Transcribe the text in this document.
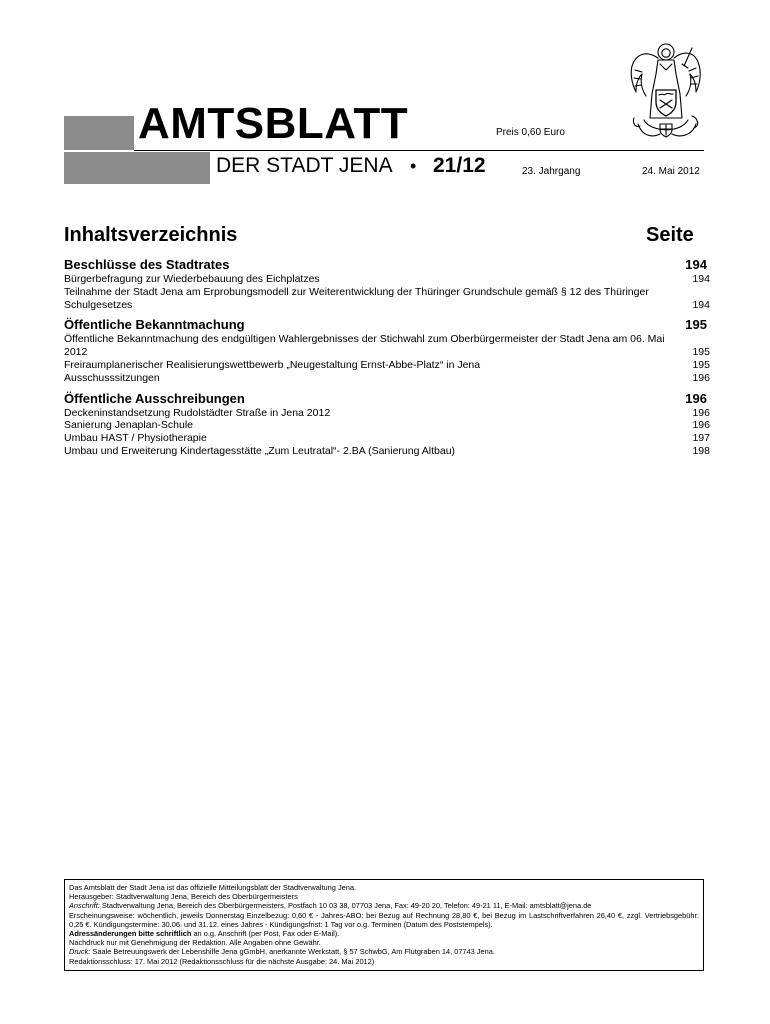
AMTSBLATT	Preis 0,60 Euro
DER STADT JENA • 21/12	23. Jahrgang	24. Mai 2012
Inhaltsverzeichnis	Seite
Beschlüsse des Stadtrates	194
Bürgerbefragung zur Wiederbebauung des Eichplatzes	194
Teilnahme der Stadt Jena am Erprobungsmodell zur Weiterentwicklung der Thüringer Grundschule gemäß § 12 des Thüringer Schulgesetzes	194
Öffentliche Bekanntmachung	195
Öffentliche Bekanntmachung des endgültigen Wahlergebnisses der Stichwahl zum Oberbürgermeister der Stadt Jena am 06. Mai 2012	195
Freiraumplanerischer Realisierungswettbewerb „Neugestaltung Ernst-Abbe-Platz“ in Jena	195
Ausschusssitzungen	196
Öffentliche Ausschreibungen	196
Deckeninstandsetzung Rudolstädter Straße in Jena 2012	196
Sanierung Jenaplan-Schule	196
Umbau HAST / Physiotherapie	197
Umbau und Erweiterung Kindertagesstätte „Zum Leutratal“- 2.BA (Sanierung Altbau)	198

Das Amtsblatt der Stadt Jena ist das offizielle Mitteilungsblatt der Stadtverwaltung Jena.

Herausgeber: Stadtverwaltung Jena, Bereich des Oberbürgermeisters

Anschrift: Stadtverwaltung Jena, Bereich des Oberbürgermeisters, Postfach 10 03 38, 07703 Jena, Fax: 49-20 20, Telefon: 49-21 11, E-Mail: amtsblatt@jena.de

Erscheinungsweise: wöchentlich, jeweils Donnerstag Einzelbezug: 0,60 € - Jahres-ABO: bei Bezug auf Rechnung 28,80 €, bei Bezug im Lastschriftverfahren 26,40 €, zzgl. Vertriebsgebühr: 0,25 €. Kündigungstermine: 30.06. und 31.12. eines Jahres - Kündigungsfrist: 1 Tag vor o.g. Terminen (Datum des Poststempels).

Adressänderungen bitte schriftlich an o.g. Anschrift (per Post, Fax oder E-Mail).

Nachdruck nur mit Genehmigung der Redaktion. Alle Angaben ohne Gewähr.

Druck: Saale Betreuungswerk der Lebenshilfe Jena gGmbH, anerkannte Werkstatt, § 57 SchwbG, Am Flutgraben 14, 07743 Jena.

Redaktionsschluss: 17. Mai 2012 (Redaktionsschluss für die nächste Ausgabe: 24. Mai 2012)
